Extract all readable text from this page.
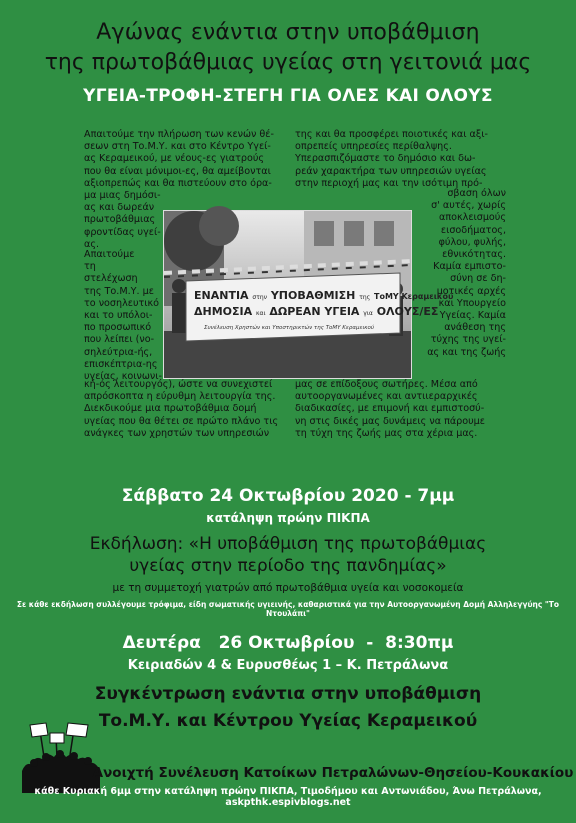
Αγώνας ενάντια στην υποβάθμιση
της πρωτοβάθμιας υγείας στη γειτονιά μας
ΥΓΕΙΑ-ΤΡΟΦΗ-ΣΤΕΓΗ ΓΙΑ ΟΛΕΣ ΚΑΙ ΟΛΟΥΣ
Απαιτούμε την πλήρωση των κενών θέ-
σεων στη Το.Μ.Υ. και στο Κέντρο Υγεί-
ας Κεραμεικού, με νέους-ες γιατρούς
που θα είναι μόνιμοι-ες, θα αμείβονται
αξιοπρεπώς και θα πιστεύουν στο όρα-
μα μιας δημόσι-
ας και δωρεάν
πρωτοβάθμιας
φροντίδας υγεί-
ας.
Απαιτούμε
τη
στελέχωση
της Το.Μ.Υ. με
το νοσηλευτικό
και το υπόλοι-
πο προσωπικό
που λείπει (νο-
σηλεύτρια-ής,
επισκέπτρια-ης
υγείας, κοινωνι-
κή-ός λειτουργός), ώστε να συνεχιστεί
απρόσκοπτα η εύρυθμη λειτουργία της.
Διεκδικούμε μια πρωτοβάθμια δομή
υγείας που θα θέτει σε πρώτο πλάνο τις
ανάγκες των χρηστών των υπηρεσιών
της και θα προσφέρει ποιοτικές και αξι-
οπρεπείς υπηρεσίες περίθαλψης.
Υπερασπιζόμαστε το δημόσιο και δω-
ρεάν χαρακτήρα των υπηρεσιών υγείας
στην περιοχή μας και την ισότιμη πρό-
σβαση όλων
σ' αυτές, χωρίς
αποκλεισμούς
εισοδήματος,
φύλου, φυλής,
εθνικότητας.
Καμία εμπιστο-
σύνη σε δη-
μοτικές αρχές
και Υπουργείο
Υγείας. Καμία
ανάθεση της
τύχης της υγεί-
ας και της ζωής
μας σε επίδοξους σωτήρες. Μέσα από
αυτοοργανωμένες και αντιιεραρχικές
διαδικασίες, με επιμονή και εμπιστοσύ-
νη στις δικές μας δυνάμεις να πάρουμε
τη τύχη της ζωής μας στα χέρια μας.
ΕΝΑΝΤΙΑ στην ΥΠΟΒΑΘΜΙΣΗ της ΤοΜΥ Κεραμεικού
ΔΗΜΟΣΙΑ και ΔΩΡΕΑΝ ΥΓΕΙΑ για ΟΛΟΥΣ/ΕΣ
Συνέλευση Χρηστών και Υποστηρικτών της ΤοΜΥ Κεραμεικού
Σάββατο 24 Οκτωβρίου 2020 - 7μμ
κατάληψη πρώην ΠΙΚΠΑ
Εκδήλωση: «Η υποβάθμιση της πρωτοβάθμιας
υγείας στην περίοδο της πανδημίας»
με τη συμμετοχή γιατρών από πρωτοβάθμια υγεία και νοσοκομεία
Σε κάθε εκδήλωση συλλέγουμε τρόφιμα, είδη σωματικής υγιεινής, καθαριστικά για την Αυτοοργανωμένη Δομή Αλληλεγγύης "Το Ντουλάπι"
Δευτέρα   26 Οκτωβρίου  -  8:30πμ
Κειριαδών 4 & Ευρυσθέως 1 – Κ. Πετράλωνα
Συγκέντρωση ενάντια στην υποβάθμιση
Το.Μ.Υ. και Κέντρου Υγείας Κεραμεικού
Ανοιχτή Συνέλευση Κατοίκων Πετραλώνων-Θησείου-Κουκακίου
κάθε Κυριακή 6μμ στην κατάληψη πρώην ΠΙΚΠΑ, Τιμοδήμου και Αντωνιάδου, Άνω Πετράλωνα, askpthk.espivblogs.net
